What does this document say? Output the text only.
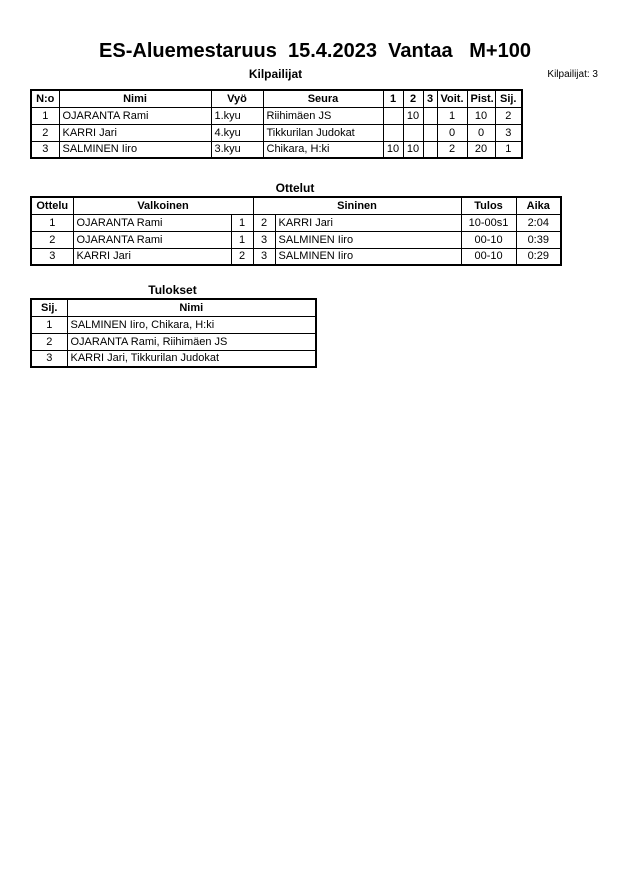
ES-Aluemestaruus  15.4.2023  Vantaa   M+100
Kilpailijat	Kilpailijat: 3
N:o	Nimi	Vyö	Seura	1	2	3	Voit.	Pist.	Sij.
1	OJARANTA Rami	1.kyu	Riihimäen JS		10		1	10	2
2	KARRI Jari	4.kyu	Tikkurilan Judokat				0	0	3
3	SALMINEN Iiro	3.kyu	Chikara, H:ki	10	10		2	20	1
Ottelut
Ottelu	Valkoinen		Sininen		Tulos	Aika
1	OJARANTA Rami	1	2	KARRI Jari	10-00s1	2:04
2	OJARANTA Rami	1	3	SALMINEN Iiro	00-10	0:39
3	KARRI Jari	2	3	SALMINEN Iiro	00-10	0:29
Tulokset
Sij.	Nimi
1	SALMINEN Iiro, Chikara, H:ki
2	OJARANTA Rami, Riihimäen JS
3	KARRI Jari, Tikkurilan Judokat
